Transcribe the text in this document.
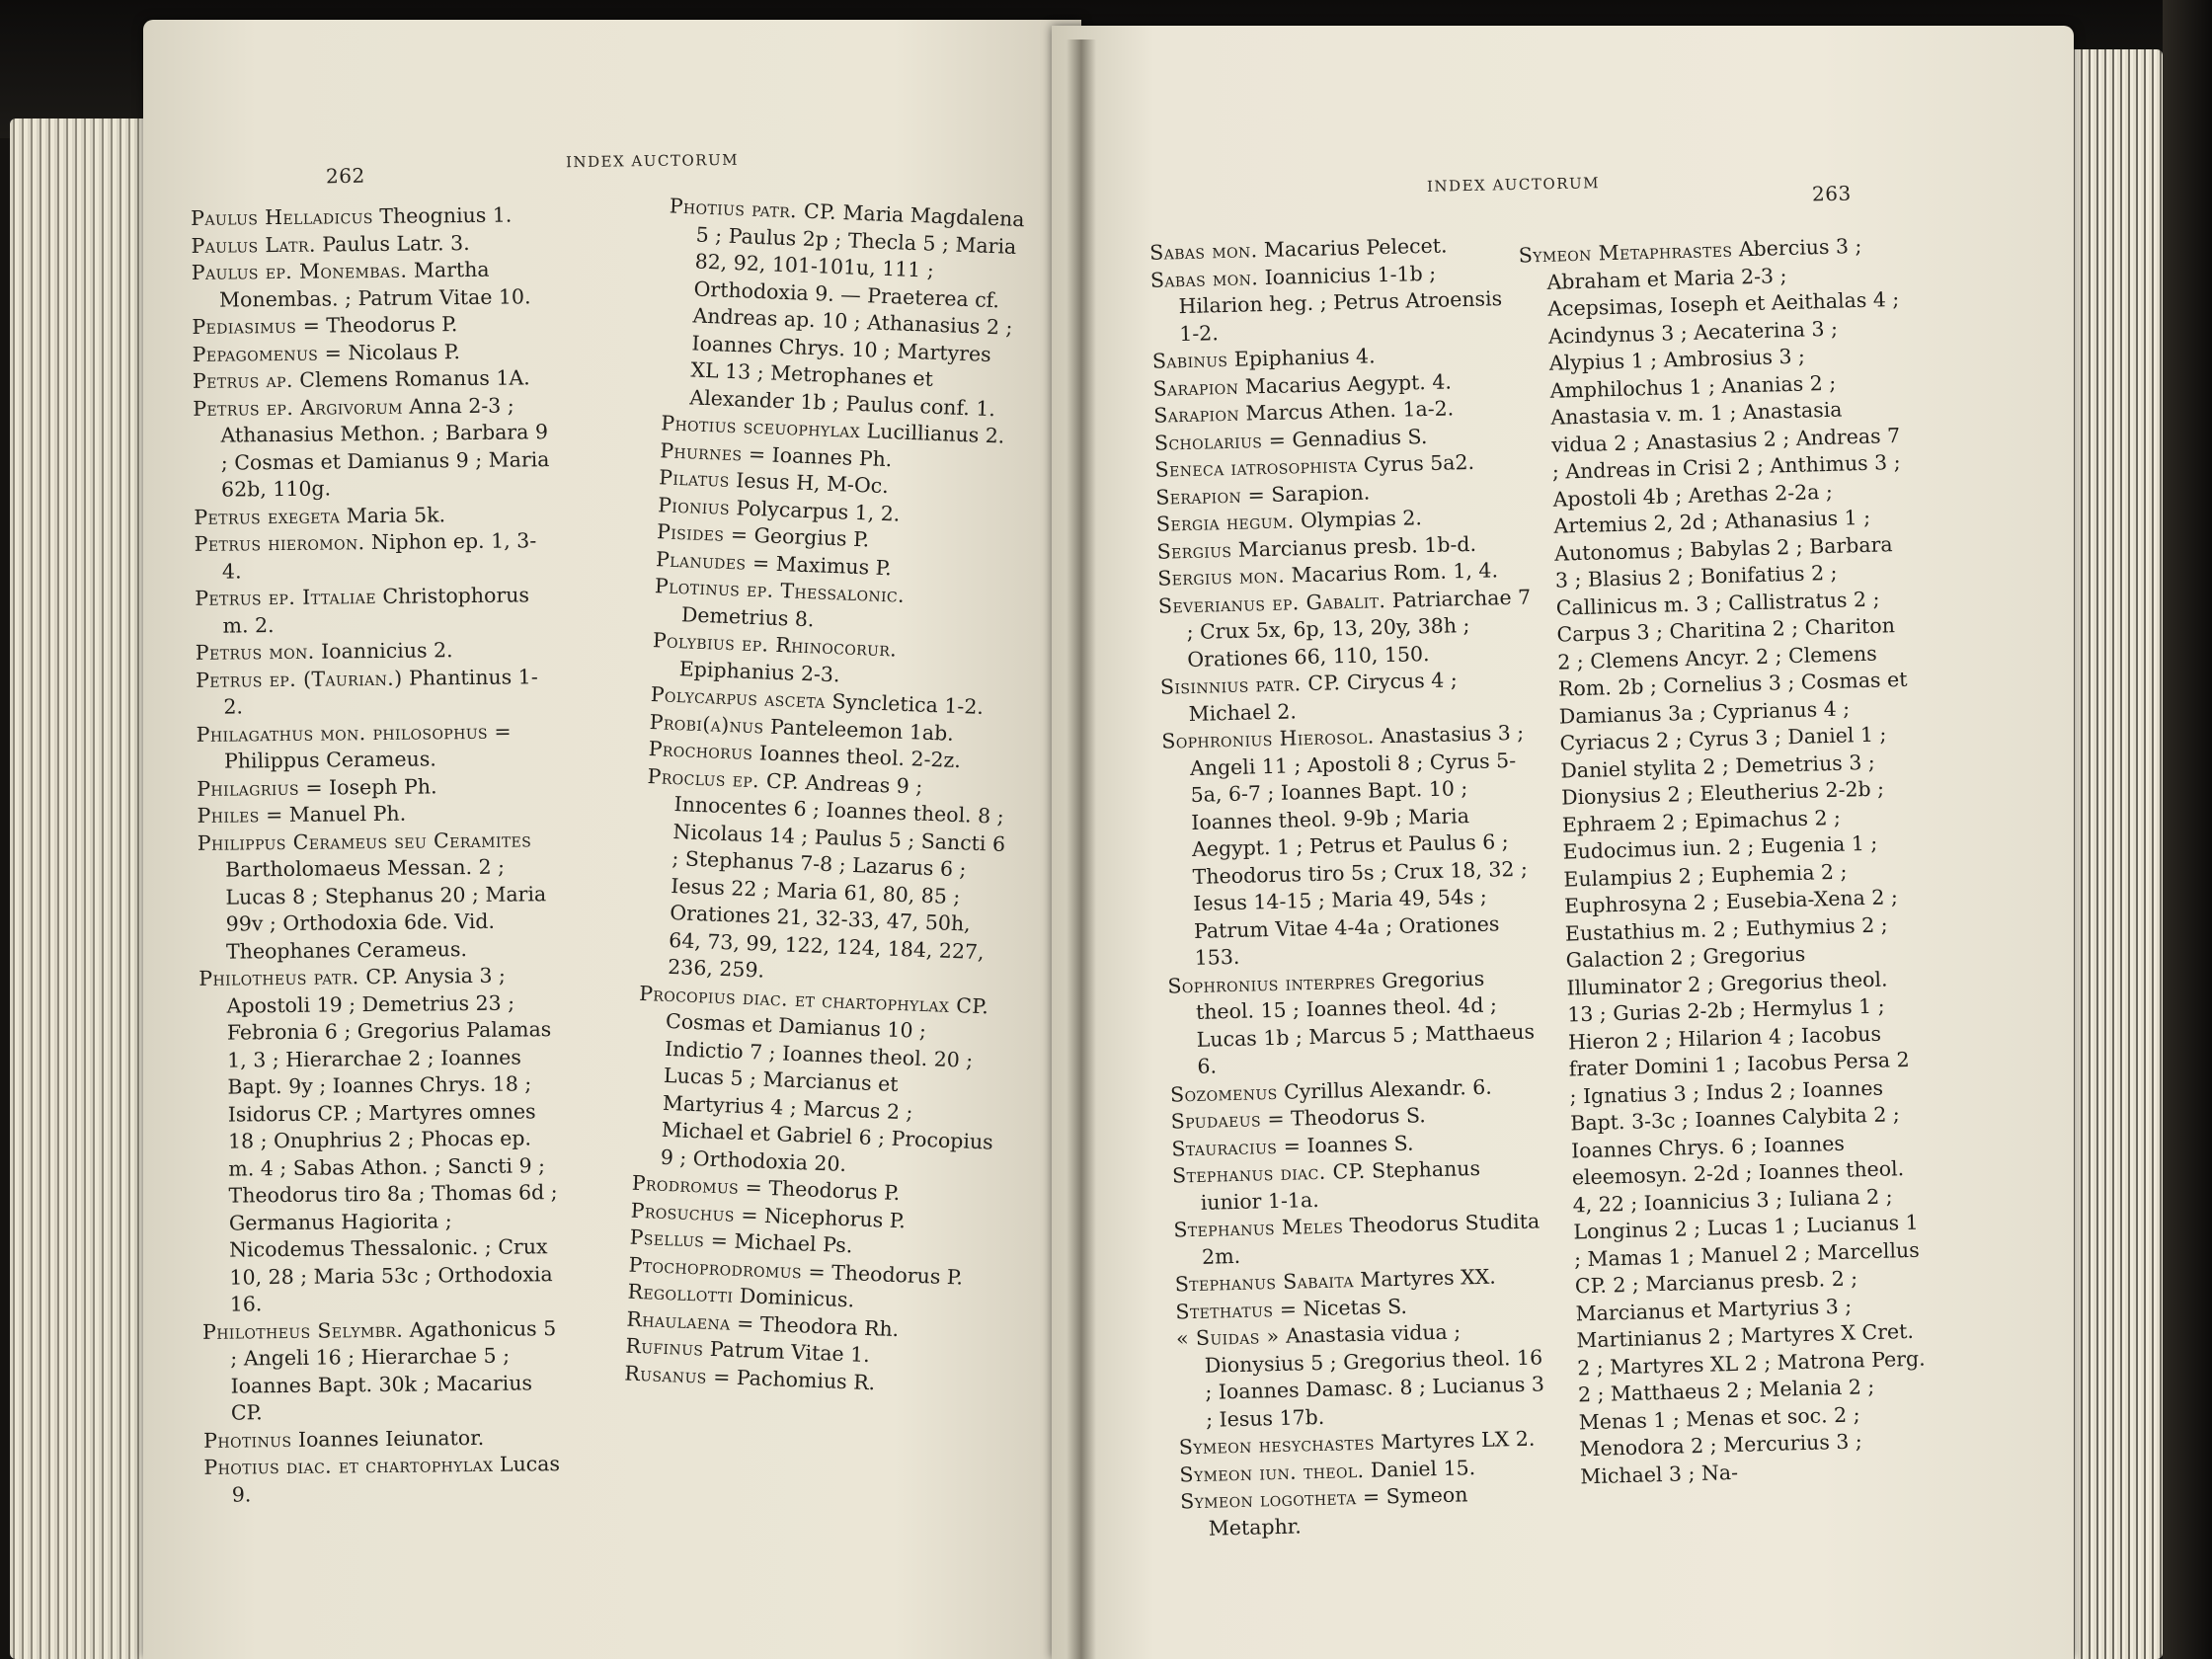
262
INDEX AUCTORUM
Paulus Helladicus Theognius 1.
Paulus Latr. Paulus Latr. 3.
Paulus ep. Monembas. Martha Monembas. ; Patrum Vitae 10.
Pediasimus = Theodorus P.
Pepagomenus = Nicolaus P.
Petrus ap. Clemens Romanus 1A.
Petrus ep. Argivorum Anna 2-3 ; Athanasius Methon. ; Barbara 9 ; Cosmas et Damianus 9 ; Maria 62b, 110g.
Petrus exegeta Maria 5k.
Petrus hieromon. Niphon ep. 1, 3-4.
Petrus ep. Ittaliae Christophorus m. 2.
Petrus mon. Ioannicius 2.
Petrus ep. (Taurian.) Phantinus 1-2.
Philagathus mon. philosophus = Philippus Cerameus.
Philagrius = Ioseph Ph.
Philes = Manuel Ph.
Philippus Cerameus seu Ceramites Bartholomaeus Messan. 2 ; Lucas 8 ; Stephanus 20 ; Maria 99v ; Orthodoxia 6de. Vid. Theophanes Cerameus.
Philotheus patr. CP. Anysia 3 ; Apostoli 19 ; Demetrius 23 ; Febronia 6 ; Gregorius Palamas 1, 3 ; Hierarchae 2 ; Ioannes Bapt. 9y ; Ioannes Chrys. 18 ; Isidorus CP. ; Martyres omnes 18 ; Onuphrius 2 ; Phocas ep. m. 4 ; Sabas Athon. ; Sancti 9 ; Theodorus tiro 8a ; Thomas 6d ; Germanus Hagiorita ; Nicodemus Thessalonic. ; Crux 10, 28 ; Maria 53c ; Orthodoxia 16.
Philotheus Selymbr. Agathonicus 5 ; Angeli 16 ; Hierarchae 5 ; Ioannes Bapt. 30k ; Macarius CP.
Photinus Ioannes Ieiunator.
Photius diac. et chartophylax Lucas 9.
Photius patr. CP. Maria Magdalena 5 ; Paulus 2p ; Thecla 5 ; Maria 82, 92, 101-101u, 111 ; Orthodoxia 9. — Praeterea cf. Andreas ap. 10 ; Athanasius 2 ; Ioannes Chrys. 10 ; Martyres XL 13 ; Metrophanes et Alexander 1b ; Paulus conf. 1.
Photius sceuophylax Lucillianus 2.
Phurnes = Ioannes Ph.
Pilatus Iesus H, M-Oc.
Pionius Polycarpus 1, 2.
Pisides = Georgius P.
Planudes = Maximus P.
Plotinus ep. Thessalonic. Demetrius 8.
Polybius ep. Rhinocorur. Epiphanius 2-3.
Polycarpus asceta Syncletica 1-2.
Probi(a)nus Panteleemon 1ab.
Prochorus Ioannes theol. 2-2z.
Proclus ep. CP. Andreas 9 ; Innocentes 6 ; Ioannes theol. 8 ; Nicolaus 14 ; Paulus 5 ; Sancti 6 ; Stephanus 7-8 ; Lazarus 6 ; Iesus 22 ; Maria 61, 80, 85 ; Orationes 21, 32-33, 47, 50h, 64, 73, 99, 122, 124, 184, 227, 236, 259.
Procopius diac. et chartophylax CP. Cosmas et Damianus 10 ; Indictio 7 ; Ioannes theol. 20 ; Lucas 5 ; Marcianus et Martyrius 4 ; Marcus 2 ; Michael et Gabriel 6 ; Procopius 9 ; Orthodoxia 20.
Prodromus = Theodorus P.
Prosuchus = Nicephorus P.
Psellus = Michael Ps.
Ptochoprodromus = Theodorus P.
Regollotti Dominicus.
Rhaulaena = Theodora Rh.
Rufinus Patrum Vitae 1.
Rusanus = Pachomius R.
INDEX AUCTORUM	263
Sabas mon. Macarius Pelecet.
Sabas mon. Ioannicius 1-1b ; Hilarion heg. ; Petrus Atroensis 1-2.
Sabinus Epiphanius 4.
Sarapion Macarius Aegypt. 4.
Sarapion Marcus Athen. 1a-2.
Scholarius = Gennadius S.
Seneca iatrosophista Cyrus 5a2.
Serapion = Sarapion.
Sergia hegum. Olympias 2.
Sergius Marcianus presb. 1b-d.
Sergius mon. Macarius Rom. 1, 4.
Severianus ep. Gabalit. Patriarchae 7 ; Crux 5x, 6p, 13, 20y, 38h ; Orationes 66, 110, 150.
Sisinnius patr. CP. Cirycus 4 ; Michael 2.
Sophronius Hierosol. Anastasius 3 ; Angeli 11 ; Apostoli 8 ; Cyrus 5-5a, 6-7 ; Ioannes Bapt. 10 ; Ioannes theol. 9-9b ; Maria Aegypt. 1 ; Petrus et Paulus 6 ; Theodorus tiro 5s ; Crux 18, 32 ; Iesus 14-15 ; Maria 49, 54s ; Patrum Vitae 4-4a ; Orationes 153.
Sophronius interpres Gregorius theol. 15 ; Ioannes theol. 4d ; Lucas 1b ; Marcus 5 ; Matthaeus 6.
Sozomenus Cyrillus Alexandr. 6.
Spudaeus = Theodorus S.
Stauracius = Ioannes S.
Stephanus diac. CP. Stephanus iunior 1-1a.
Stephanus Meles Theodorus Studita 2m.
Stephanus Sabaita Martyres XX.
Stethatus = Nicetas S.
« Suidas » Anastasia vidua ; Dionysius 5 ; Gregorius theol. 16 ; Ioannes Damasc. 8 ; Lucianus 3 ; Iesus 17b.
Symeon hesychastes Martyres LX 2.
Symeon iun. theol. Daniel 15.
Symeon logotheta = Symeon Metaphr.
Symeon Metaphrastes Abercius 3 ; Abraham et Maria 2-3 ; Acepsimas, Ioseph et Aeithalas 4 ; Acindynus 3 ; Aecaterina 3 ; Alypius 1 ; Ambrosius 3 ; Amphilochus 1 ; Ananias 2 ; Anastasia v. m. 1 ; Anastasia vidua 2 ; Anastasius 2 ; Andreas 7 ; Andreas in Crisi 2 ; Anthimus 3 ; Apostoli 4b ; Arethas 2-2a ; Artemius 2, 2d ; Athanasius 1 ; Autonomus ; Babylas 2 ; Barbara 3 ; Blasius 2 ; Bonifatius 2 ; Callinicus m. 3 ; Callistratus 2 ; Carpus 3 ; Charitina 2 ; Chariton 2 ; Clemens Ancyr. 2 ; Clemens Rom. 2b ; Cornelius 3 ; Cosmas et Damianus 3a ; Cyprianus 4 ; Cyriacus 2 ; Cyrus 3 ; Daniel 1 ; Daniel stylita 2 ; Demetrius 3 ; Dionysius 2 ; Eleutherius 2-2b ; Ephraem 2 ; Epimachus 2 ; Eudocimus iun. 2 ; Eugenia 1 ; Eulampius 2 ; Euphemia 2 ; Euphrosyna 2 ; Eusebia-Xena 2 ; Eustathius m. 2 ; Euthymius 2 ; Galaction 2 ; Gregorius Illuminator 2 ; Gregorius theol. 13 ; Gurias 2-2b ; Hermylus 1 ; Hieron 2 ; Hilarion 4 ; Iacobus frater Domini 1 ; Iacobus Persa 2 ; Ignatius 3 ; Indus 2 ; Ioannes Bapt. 3-3c ; Ioannes Calybita 2 ; Ioannes Chrys. 6 ; Ioannes eleemosyn. 2-2d ; Ioannes theol. 4, 22 ; Ioannicius 3 ; Iuliana 2 ; Longinus 2 ; Lucas 1 ; Lucianus 1 ; Mamas 1 ; Manuel 2 ; Marcellus CP. 2 ; Marcianus presb. 2 ; Marcianus et Martyrius 3 ; Martinianus 2 ; Martyres X Cret. 2 ; Martyres XL 2 ; Matrona Perg. 2 ; Matthaeus 2 ; Melania 2 ; Menas 1 ; Menas et soc. 2 ; Menodora 2 ; Mercurius 3 ; Michael 3 ; Na-
